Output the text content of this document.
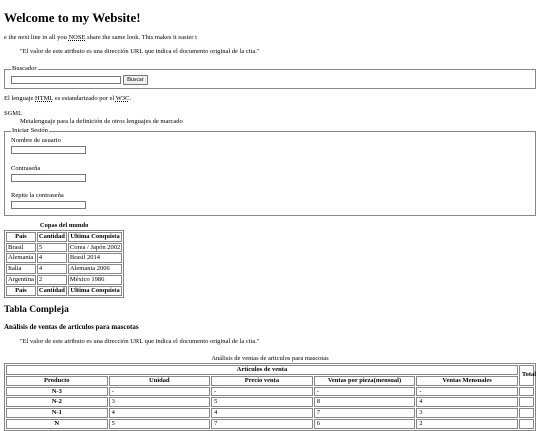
Welcome to my Website!

e the next line in all you NOSE share the same look. This makes it easier t

"El valor de este atributo es una dirección URL que indica el documento original de la cita."
Buscador
Buscar

El lenguaje HTML es estandarizado por el W3C.

SGML
Metalenguaje para la definición de otros lenguajes de marcado
Iniciar Sesión
Nombre de usuario
Contraseña
Repite la contraseña
Copas del mundo
Pais	Cantidad	Ultima Conquista
Brasil	5	Corea / Japón 2002
Alemania	4	Brasil 2014
Italia	4	Alemania 2006
Argentina	2	México 1986
Pais	Cantidad	Ultima Conquista
Tabla Compleja
Análisis de ventas de articulos para mascotas
"El valor de este atributo es una dirección URL que indica el documento original de la cita."
Análisis de ventas de articulos para mascotas
Artículos de venta					Total
Producto	Unidad	Precio venta	Ventas por pieza(mensual)	Ventas Mensuales	
N-3	-	-	-	-	
N-2	3	5	8	4	
N-1	4	4	7	3	
N	5	7	6	2	
